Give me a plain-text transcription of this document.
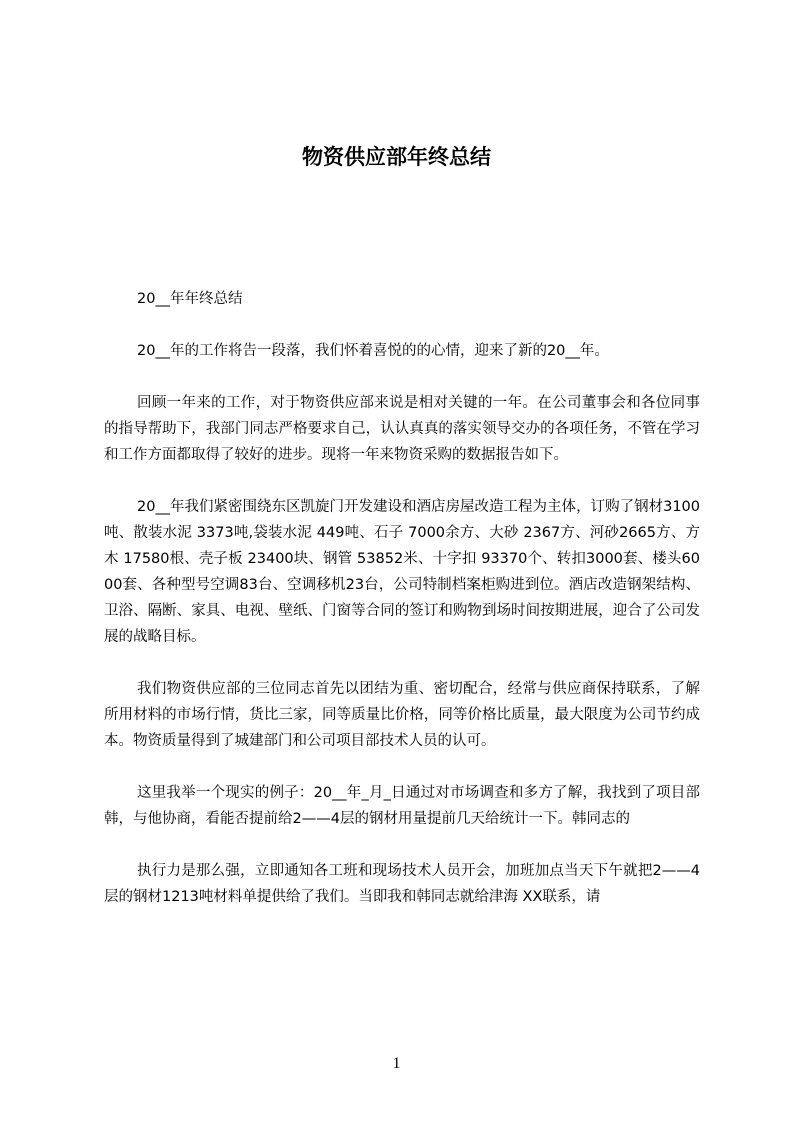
物资供应部年终总结

20__年年终总结

20__年的工作将告一段落，我们怀着喜悦的的心情，迎来了新的20__年。

回顾一年来的工作，对于物资供应部来说是相对关键的一年。在公司董事会和各位同事的指导帮助下，我部门同志严格要求自己，认认真真的落实领导交办的各项任务，不管在学习和工作方面都取得了较好的进步。现将一年来物资采购的数据报告如下。

20__年我们紧密围绕东区凯旋门开发建设和酒店房屋改造工程为主体，订购了钢材3100吨、散装水泥 3373吨,袋装水泥 449吨、石子 7000余方、大砂 2367方、河砂2665方、方木 17580根、壳子板 23400块、钢管 53852米、十字扣 93370个、转扣3000套、楼头6000套、各种型号空调83台、空调移机23台，公司特制档案柜购进到位。酒店改造钢架结构、卫浴、隔断、家具、电视、壁纸、门窗等合同的签订和购物到场时间按期进展，迎合了公司发展的战略目标。

我们物资供应部的三位同志首先以团结为重、密切配合，经常与供应商保持联系，了解所用材料的市场行情，货比三家，同等质量比价格，同等价格比质量，最大限度为公司节约成本。物资质量得到了城建部门和公司项目部技术人员的认可。

这里我举一个现实的例子：20__年_月_日通过对市场调查和多方了解，我找到了项目部韩，与他协商，看能否提前给2——4层的钢材用量提前几天给统计一下。韩同志的

执行力是那么强，立即通知各工班和现场技术人员开会，加班加点当天下午就把2——4层的钢材1213吨材料单提供给了我们。当即我和韩同志就给津海 XX联系，请

1
